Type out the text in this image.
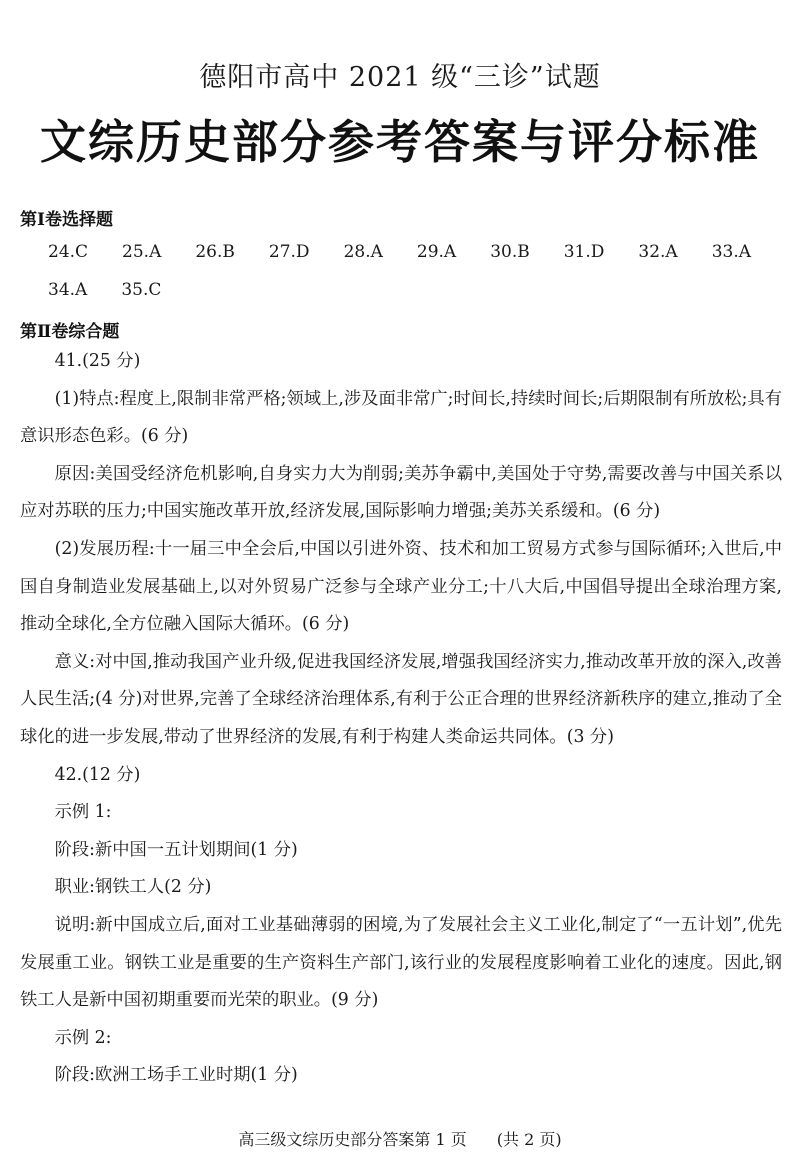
德阳市高中 2021 级“三诊”试题
文综历史部分参考答案与评分标准
第Ⅰ卷选择题
24.C 25.A 26.B 27.D 28.A 29.A 30.B 31.D 32.A 33.A
34.A 35.C
第Ⅱ卷综合题

41.(25 分)

(1)特点:程度上,限制非常严格;领域上,涉及面非常广;时间长,持续时间长;后期限制有所放松;具有意识形态色彩。(6 分)

原因:美国受经济危机影响,自身实力大为削弱;美苏争霸中,美国处于守势,需要改善与中国关系以应对苏联的压力;中国实施改革开放,经济发展,国际影响力增强;美苏关系缓和。(6 分)

(2)发展历程:十一届三中全会后,中国以引进外资、技术和加工贸易方式参与国际循环;入世后,中国自身制造业发展基础上,以对外贸易广泛参与全球产业分工;十八大后,中国倡导提出全球治理方案,推动全球化,全方位融入国际大循环。(6 分)

意义:对中国,推动我国产业升级,促进我国经济发展,增强我国经济实力,推动改革开放的深入,改善人民生活;(4 分)对世界,完善了全球经济治理体系,有利于公正合理的世界经济新秩序的建立,推动了全球化的进一步发展,带动了世界经济的发展,有利于构建人类命运共同体。(3 分)

42.(12 分)

示例 1:

阶段:新中国一五计划期间(1 分)

职业:钢铁工人(2 分)

说明:新中国成立后,面对工业基础薄弱的困境,为了发展社会主义工业化,制定了“一五计划”,优先发展重工业。钢铁工业是重要的生产资料生产部门,该行业的发展程度影响着工业化的速度。因此,钢铁工人是新中国初期重要而光荣的职业。(9 分)

示例 2:

阶段:欧洲工场手工业时期(1 分)

高三级文综历史部分答案第 1 页 (共 2 页)
